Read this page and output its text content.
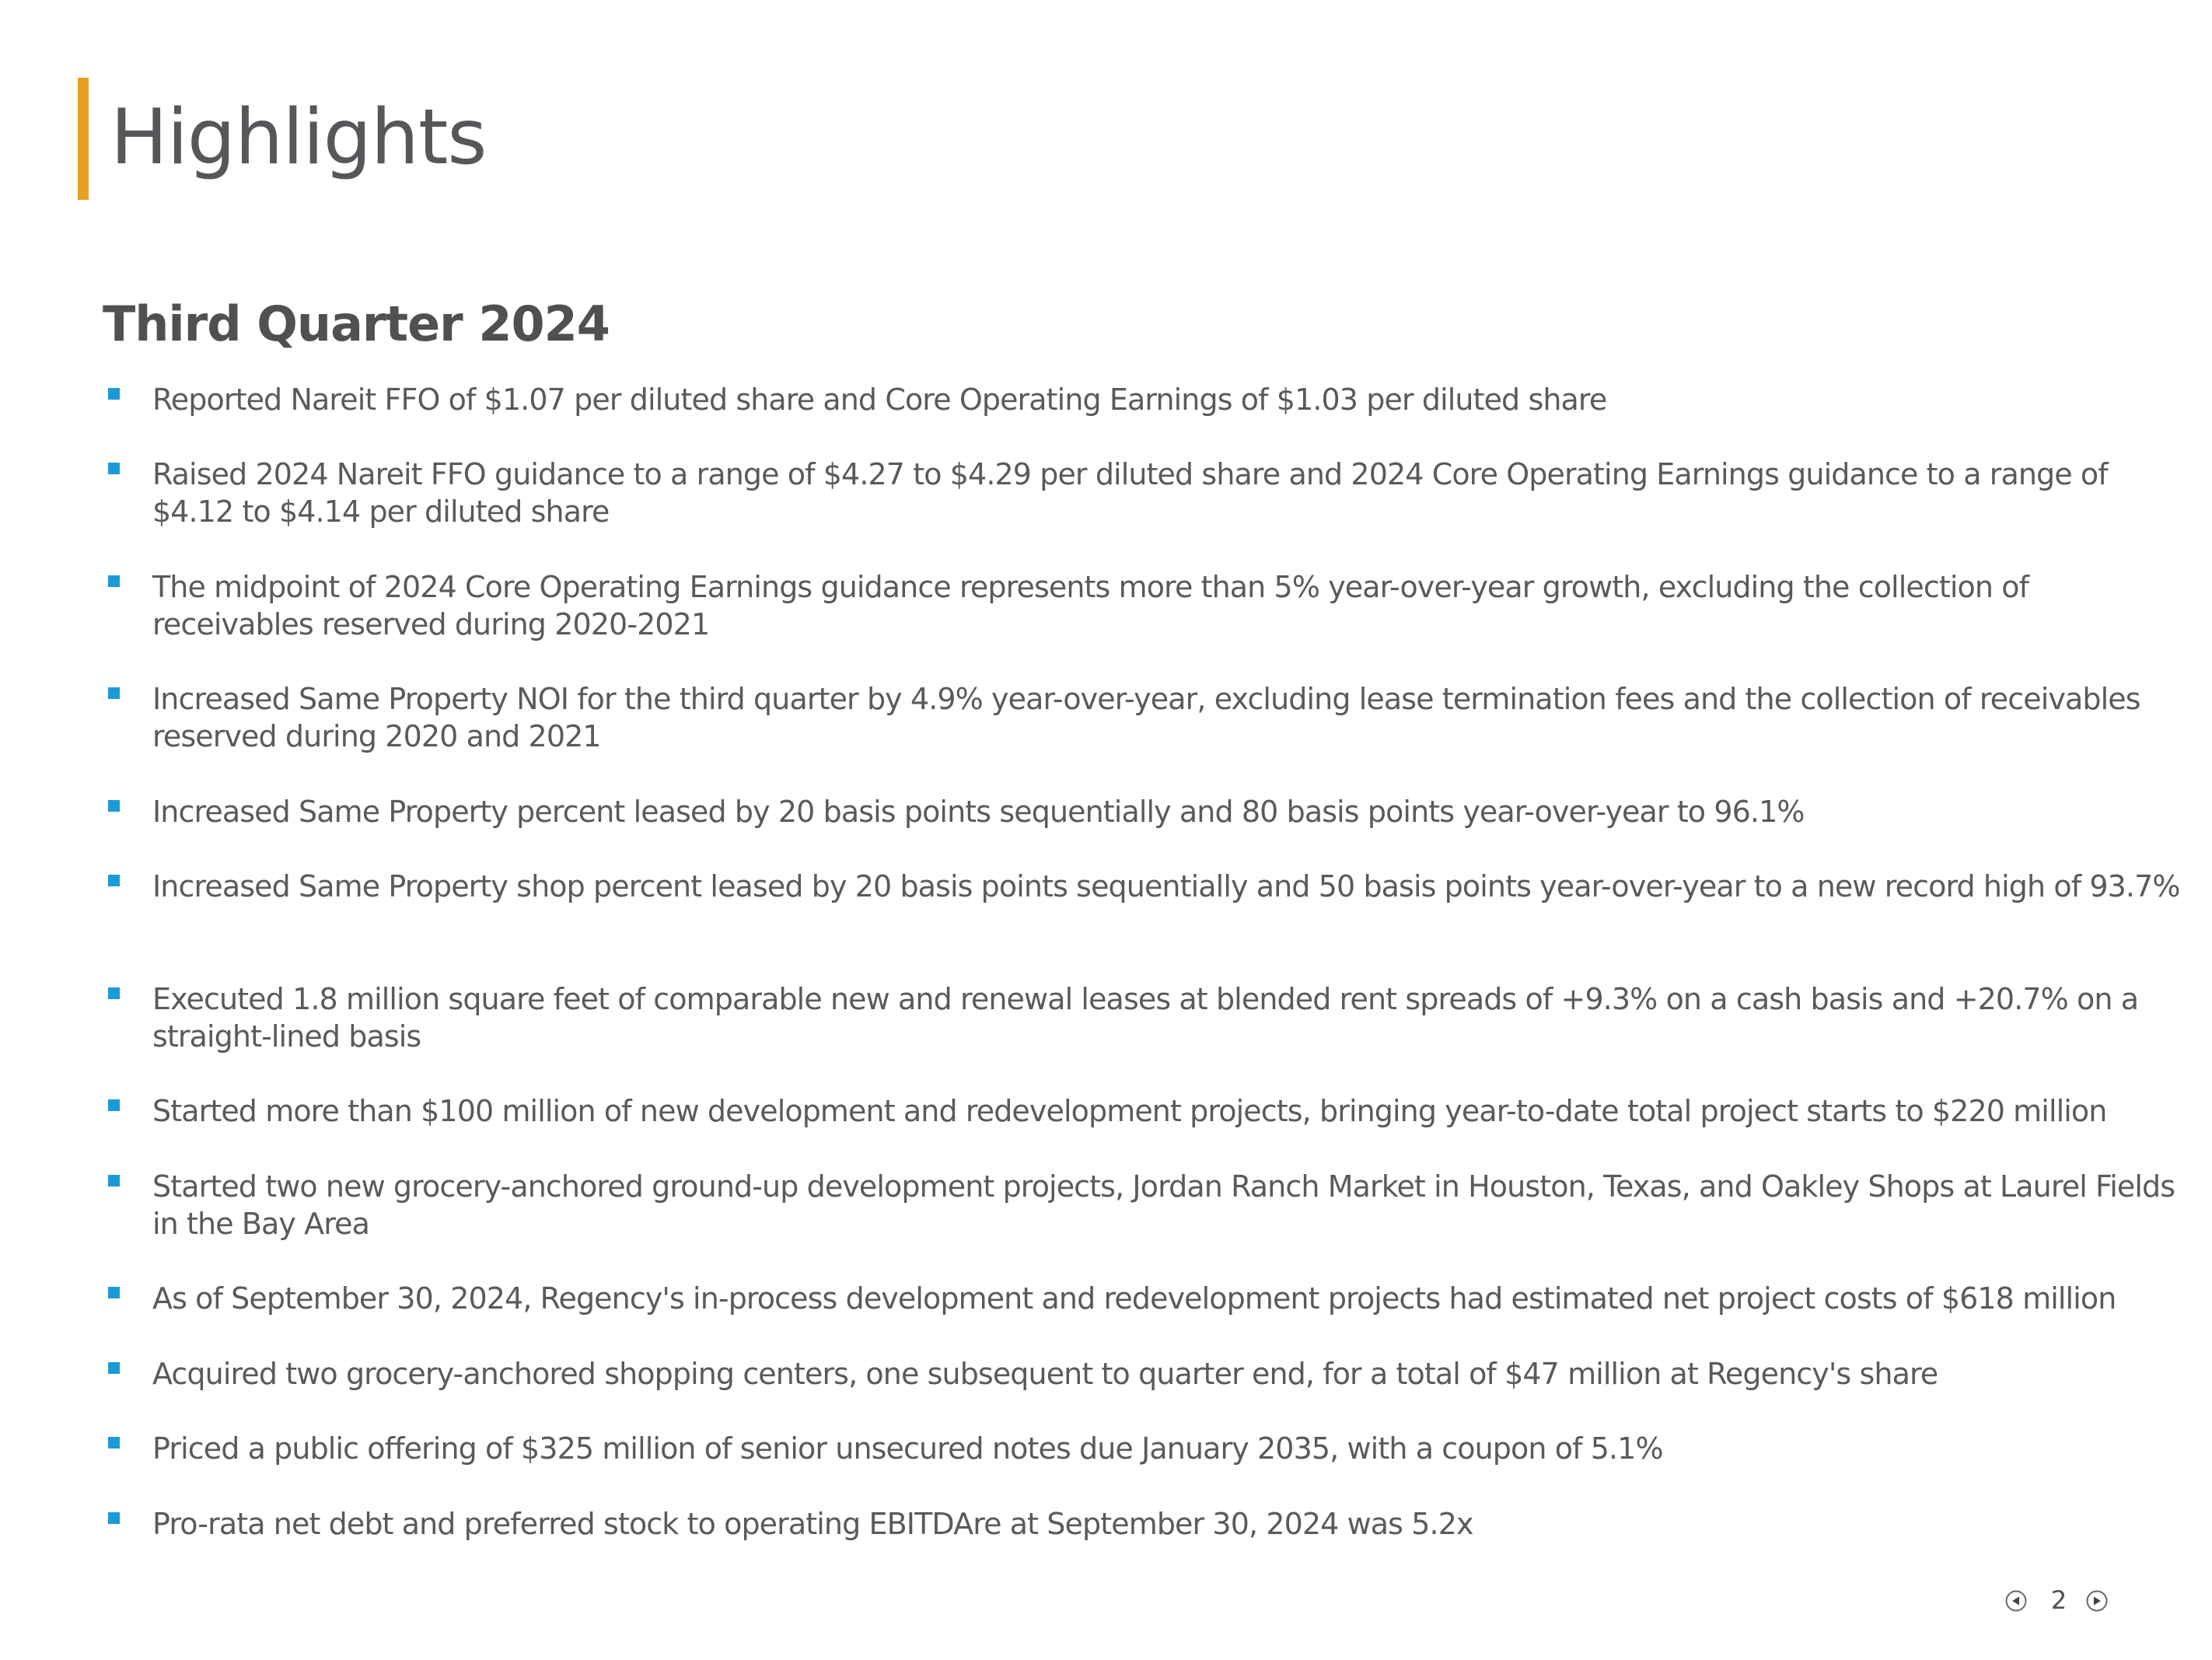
Highlights
Third Quarter 2024
Reported Nareit FFO of $1.07 per diluted share and Core Operating Earnings of $1.03 per diluted share
Raised 2024 Nareit FFO guidance to a range of $4.27 to $4.29 per diluted share and 2024 Core Operating Earnings guidance to a range of $4.12 to $4.14 per diluted share
The midpoint of 2024 Core Operating Earnings guidance represents more than 5% year-over-year growth, excluding the collection of receivables reserved during 2020-2021
Increased Same Property NOI for the third quarter by 4.9% year-over-year, excluding lease termination fees and the collection of receivables reserved during 2020 and 2021
Increased Same Property percent leased by 20 basis points sequentially and 80 basis points year-over-year to 96.1%
Increased Same Property shop percent leased by 20 basis points sequentially and 50 basis points year-over-year to a new record high of 93.7%
Executed 1.8 million square feet of comparable new and renewal leases at blended rent spreads of +9.3% on a cash basis and +20.7% on a straight-lined basis
Started more than $100 million of new development and redevelopment projects, bringing year-to-date total project starts to $220 million
Started two new grocery-anchored ground-up development projects, Jordan Ranch Market in Houston, Texas, and Oakley Shops at Laurel Fields in the Bay Area
As of September 30, 2024, Regency's in-process development and redevelopment projects had estimated net project costs of $618 million
Acquired two grocery-anchored shopping centers, one subsequent to quarter end, for a total of $47 million at Regency's share
Priced a public offering of $325 million of senior unsecured notes due January 2035, with a coupon of 5.1%
Pro-rata net debt and preferred stock to operating EBITDAre at September 30, 2024 was 5.2x
2
